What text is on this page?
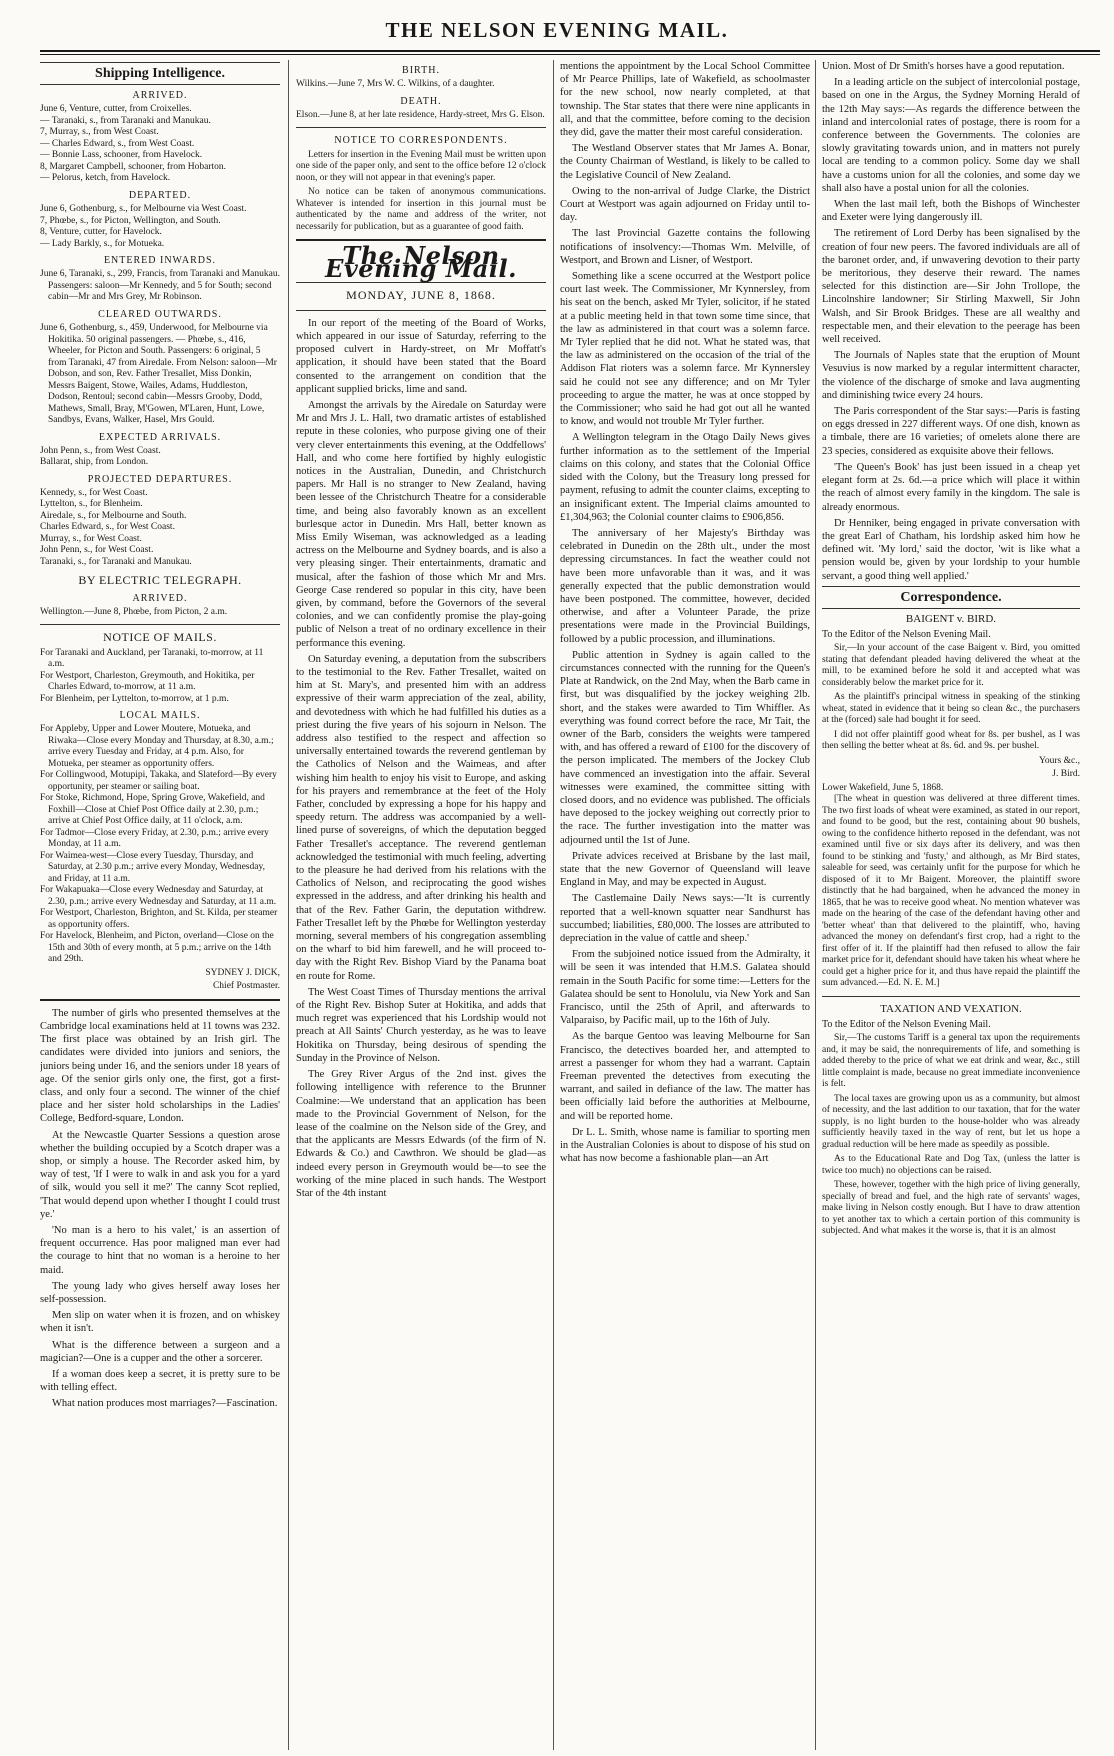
THE NELSON EVENING MAIL.
Shipping Intelligence.
ARRIVED.
June 6, Venture, cutter, from Croixelles.
— Taranaki, s., from Taranaki and Manukau.
7, Murray, s., from West Coast.
— Charles Edward, s., from West Coast.
— Bonnie Lass, schooner, from Havelock.
8, Margaret Campbell, schooner, from Hobarton.
— Pelorus, ketch, from Havelock.
DEPARTED.
June 6, Gothenburg, s., for Melbourne via West Coast.
7, Phœbe, s., for Picton, Wellington, and South.
8, Venture, cutter, for Havelock.
— Lady Barkly, s., for Motueka.
ENTERED INWARDS.
June 6, Taranaki, s., 299, Francis, from Taranaki and Manukau. Passengers: saloon—Mr Kennedy, and 5 for South; second cabin—Mr and Mrs Grey, Mr Robinson.
CLEARED OUTWARDS.
June 6, Gothenburg, s., 459, Underwood, for Melbourne via Hokitika. 50 original passengers. — Phœbe, s., 416, Wheeler, for Picton and South. Passengers: 6 original, 5 from Taranaki, 47 from Airedale. From Nelson: saloon—Mr Dobson, and son, Rev. Father Tresallet, Miss Donkin, Messrs Baigent, Stowe, Wailes, Adams, Huddleston, Dodson, Rentoul; second cabin—Messrs Grooby, Dodd, Mathews, Small, Bray, M'Gowen, M'Laren, Hunt, Lowe, Sandbys, Evans, Walker, Hasel, Mrs Gould.
EXPECTED ARRIVALS.
John Penn, s., from West Coast.
Ballarat, ship, from London.
PROJECTED DEPARTURES.
Kennedy, s., for West Coast.
Lyttelton, s., for Blenheim.
Airedale, s., for Melbourne and South.
Charles Edward, s., for West Coast.
Murray, s., for West Coast.
John Penn, s., for West Coast.
Taranaki, s., for Taranaki and Manukau.
BY ELECTRIC TELEGRAPH.
ARRIVED.
Wellington.—June 8, Phœbe, from Picton, 2 a.m.
NOTICE OF MAILS.
For Taranaki and Auckland, per Taranaki, to-morrow, at 11 a.m.
For Westport, Charleston, Greymouth, and Hokitika, per Charles Edward, to-morrow, at 11 a.m.
For Blenheim, per Lyttelton, to-morrow, at 1 p.m.
LOCAL MAILS.
For Appleby, Upper and Lower Moutere, Motueka, and Riwaka—Close every Monday and Thursday, at 8.30, a.m.; arrive every Tuesday and Friday, at 4 p.m. Also, for Motueka, per steamer as opportunity offers.
For Collingwood, Motupipi, Takaka, and Slateford—By every opportunity, per steamer or sailing boat.
For Stoke, Richmond, Hope, Spring Grove, Wakefield, and Foxhill—Close at Chief Post Office daily at 2.30, p.m.; arrive at Chief Post Office daily, at 11 o'clock, a.m.
For Tadmor—Close every Friday, at 2.30, p.m.; arrive every Monday, at 11 a.m.
For Waimea-west—Close every Tuesday, Thursday, and Saturday, at 2.30 p.m.; arrive every Monday, Wednesday, and Friday, at 11 a.m.
For Wakapuaka—Close every Wednesday and Saturday, at 2.30, p.m.; arrive every Wednesday and Saturday, at 11 a.m.
For Westport, Charleston, Brighton, and St. Kilda, per steamer as opportunity offers.
For Havelock, Blenheim, and Picton, overland—Close on the 15th and 30th of every month, at 5 p.m.; arrive on the 14th and 29th.
SYDNEY J. DICK,
Chief Postmaster.

The number of girls who presented themselves at the Cambridge local examinations held at 11 towns was 232. The first place was obtained by an Irish girl. The candidates were divided into juniors and seniors, the juniors being under 16, and the seniors under 18 years of age. Of the senior girls only one, the first, got a first-class, and only four a second. The winner of the chief place and her sister hold scholarships in the Ladies' College, Bedford-square, London.

At the Newcastle Quarter Sessions a question arose whether the building occupied by a Scotch draper was a shop, or simply a house. The Recorder asked him, by way of test, 'If I were to walk in and ask you for a yard of silk, would you sell it me?' The canny Scot replied, 'That would depend upon whether I thought I could trust ye.'

'No man is a hero to his valet,' is an assertion of frequent occurrence. Has poor maligned man ever had the courage to hint that no woman is a heroine to her maid.

The young lady who gives herself away loses her self-possession.

Men slip on water when it is frozen, and on whiskey when it isn't.

What is the difference between a surgeon and a magician?—One is a cupper and the other a sorcerer.

If a woman does keep a secret, it is pretty sure to be with telling effect.

What nation produces most marriages?—Fascination.

BIRTH.
Wilkins.—June 7, Mrs W. C. Wilkins, of a daughter.
DEATH.
Elson.—June 8, at her late residence, Hardy-street, Mrs G. Elson.
NOTICE TO CORRESPONDENTS.

Letters for insertion in the Evening Mail must be written upon one side of the paper only, and sent to the office before 12 o'clock noon, or they will not appear in that evening's paper.

No notice can be taken of anonymous communications. Whatever is intended for insertion in this journal must be authenticated by the name and address of the writer, not necessarily for publication, but as a guarantee of good faith.

The Nelson Evening Mail.
MONDAY, JUNE 8, 1868.

In our report of the meeting of the Board of Works, which appeared in our issue of Saturday, referring to the proposed culvert in Hardy-street, on Mr Moffatt's application, it should have been stated that the Board consented to the arrangement on condition that the applicant supplied bricks, lime and sand.

Amongst the arrivals by the Airedale on Saturday were Mr and Mrs J. L. Hall, two dramatic artistes of established repute in these colonies, who purpose giving one of their very clever entertainments this evening, at the Oddfellows' Hall, and who come here fortified by highly eulogistic notices in the Australian, Dunedin, and Christchurch papers. Mr Hall is no stranger to New Zealand, having been lessee of the Christchurch Theatre for a considerable time, and being also favorably known as an excellent burlesque actor in Dunedin. Mrs Hall, better known as Miss Emily Wiseman, was acknowledged as a leading actress on the Melbourne and Sydney boards, and is also a very pleasing singer. Their entertainments, dramatic and musical, after the fashion of those which Mr and Mrs. George Case rendered so popular in this city, have been given, by command, before the Governors of the several colonies, and we can confidently promise the play-going public of Nelson a treat of no ordinary excellence in their performance this evening.

On Saturday evening, a deputation from the subscribers to the testimonial to the Rev. Father Tresallet, waited on him at St. Mary's, and presented him with an address expressive of their warm appreciation of the zeal, ability, and devotedness with which he had fulfilled his duties as a priest during the five years of his sojourn in Nelson. The address also testified to the respect and affection so universally entertained towards the reverend gentleman by the Catholics of Nelson and the Waimeas, and after wishing him health to enjoy his visit to Europe, and asking for his prayers and remembrance at the feet of the Holy Father, concluded by expressing a hope for his happy and speedy return. The address was accompanied by a well-lined purse of sovereigns, of which the deputation begged Father Tresallet's acceptance. The reverend gentleman acknowledged the testimonial with much feeling, adverting to the pleasure he had derived from his relations with the Catholics of Nelson, and reciprocating the good wishes expressed in the address, and after drinking his health and that of the Rev. Father Garin, the deputation withdrew. Father Tresallet left by the Phœbe for Wellington yesterday morning, several members of his congregation assembling on the wharf to bid him farewell, and he will proceed to-day with the Right Rev. Bishop Viard by the Panama boat en route for Rome.

The West Coast Times of Thursday mentions the arrival of the Right Rev. Bishop Suter at Hokitika, and adds that much regret was experienced that his Lordship would not preach at All Saints' Church yesterday, as he was to leave Hokitika on Thursday, being desirous of spending the Sunday in the Province of Nelson.

The Grey River Argus of the 2nd inst. gives the following intelligence with reference to the Brunner Coalmine:—We understand that an application has been made to the Provincial Government of Nelson, for the lease of the coalmine on the Nelson side of the Grey, and that the applicants are Messrs Edwards (of the firm of N. Edwards & Co.) and Cawthron. We should be glad—as indeed every person in Greymouth would be—to see the working of the mine placed in such hands. The Westport Star of the 4th instant

mentions the appointment by the Local School Committee of Mr Pearce Phillips, late of Wakefield, as schoolmaster for the new school, now nearly completed, at that township. The Star states that there were nine applicants in all, and that the committee, before coming to the decision they did, gave the matter their most careful consideration.

The Westland Observer states that Mr James A. Bonar, the County Chairman of Westland, is likely to be called to the Legislative Council of New Zealand.

Owing to the non-arrival of Judge Clarke, the District Court at Westport was again adjourned on Friday until to-day.

The last Provincial Gazette contains the following notifications of insolvency:—Thomas Wm. Melville, of Westport, and Brown and Lisner, of Westport.

Something like a scene occurred at the Westport police court last week. The Commissioner, Mr Kynnersley, from his seat on the bench, asked Mr Tyler, solicitor, if he stated at a public meeting held in that town some time since, that the law as administered in that court was a solemn farce. Mr Tyler replied that he did not. What he stated was, that the law as administered on the occasion of the trial of the Addison Flat rioters was a solemn farce. Mr Kynnersley said he could not see any difference; and on Mr Tyler proceeding to argue the matter, he was at once stopped by the Commissioner; who said he had got out all he wanted to know, and would not trouble Mr Tyler further.

A Wellington telegram in the Otago Daily News gives further information as to the settlement of the Imperial claims on this colony, and states that the Colonial Office sided with the Colony, but the Treasury long pressed for payment, refusing to admit the counter claims, excepting to an insignificant extent. The Imperial claims amounted to £1,304,963; the Colonial counter claims to £906,856.

The anniversary of her Majesty's Birthday was celebrated in Dunedin on the 28th ult., under the most depressing circumstances. In fact the weather could not have been more unfavorable than it was, and it was generally expected that the public demonstration would have been postponed. The committee, however, decided otherwise, and after a Volunteer Parade, the prize presentations were made in the Provincial Buildings, followed by a public procession, and illuminations.

Public attention in Sydney is again called to the circumstances connected with the running for the Queen's Plate at Randwick, on the 2nd May, when the Barb came in first, but was disqualified by the jockey weighing 2lb. short, and the stakes were awarded to Tim Whiffler. As everything was found correct before the race, Mr Tait, the owner of the Barb, considers the weights were tampered with, and has offered a reward of £100 for the discovery of the person implicated. The members of the Jockey Club have commenced an investigation into the affair. Several witnesses were examined, the committee sitting with closed doors, and no evidence was published. The officials have deposed to the jockey weighing out correctly prior to the race. The further investigation into the matter was adjourned until the 1st of June.

Private advices received at Brisbane by the last mail, state that the new Governor of Queensland will leave England in May, and may be expected in August.

The Castlemaine Daily News says:—'It is currently reported that a well-known squatter near Sandhurst has succumbed; liabilities, £80,000. The losses are attributed to depreciation in the value of cattle and sheep.'

From the subjoined notice issued from the Admiralty, it will be seen it was intended that H.M.S. Galatea should remain in the South Pacific for some time:—Letters for the Galatea should be sent to Honolulu, via New York and San Francisco, until the 25th of April, and afterwards to Valparaiso, by Pacific mail, up to the 16th of July.

As the barque Gentoo was leaving Melbourne for San Francisco, the detectives boarded her, and attempted to arrest a passenger for whom they had a warrant. Captain Freeman prevented the detectives from executing the warrant, and sailed in defiance of the law. The matter has been officially laid before the authorities at Melbourne, and will be reported home.

Dr L. L. Smith, whose name is familiar to sporting men in the Australian Colonies is about to dispose of his stud on what has now become a fashionable plan—an Art

Union. Most of Dr Smith's horses have a good reputation.

In a leading article on the subject of intercolonial postage, based on one in the Argus, the Sydney Morning Herald of the 12th May says:—As regards the difference between the inland and intercolonial rates of postage, there is room for a conference between the Governments. The colonies are slowly gravitating towards union, and in matters not purely local are tending to a common policy. Some day we shall have a customs union for all the colonies, and some day we shall also have a postal union for all the colonies.

When the last mail left, both the Bishops of Winchester and Exeter were lying dangerously ill.

The retirement of Lord Derby has been signalised by the creation of four new peers. The favored individuals are all of the baronet order, and, if unwavering devotion to their party be meritorious, they deserve their reward. The names selected for this distinction are—Sir John Trollope, the Lincolnshire landowner; Sir Stirling Maxwell, Sir John Walsh, and Sir Brook Bridges. These are all wealthy and respectable men, and their elevation to the peerage has been well received.

The Journals of Naples state that the eruption of Mount Vesuvius is now marked by a regular intermittent character, the violence of the discharge of smoke and lava augmenting and diminishing twice every 24 hours.

The Paris correspondent of the Star says:—Paris is fasting on eggs dressed in 227 different ways. Of one dish, known as a timbale, there are 16 varieties; of omelets alone there are 23 species, considered as exquisite above their fellows.

'The Queen's Book' has just been issued in a cheap yet elegant form at 2s. 6d.—a price which will place it within the reach of almost every family in the kingdom. The sale is already enormous.

Dr Henniker, being engaged in private conversation with the great Earl of Chatham, his lordship asked him how he defined wit. 'My lord,' said the doctor, 'wit is like what a pension would be, given by your lordship to your humble servant, a good thing well applied.'

Correspondence.
BAIGENT v. BIRD.
To the Editor of the Nelson Evening Mail.

Sir,—In your account of the case Baigent v. Bird, you omitted stating that defendant pleaded having delivered the wheat at the mill, to be examined before he sold it and accepted what was considerably below the market price for it.

As the plaintiff's principal witness in speaking of the stinking wheat, stated in evidence that it being so clean &c., the purchasers at the (forced) sale had bought it for seed.

I did not offer plaintiff good wheat for 8s. per bushel, as I was then selling the better wheat at 8s. 6d. and 9s. per bushel.

Yours &c.,
J. Bird.
Lower Wakefield, June 5, 1868.

[The wheat in question was delivered at three different times. The two first loads of wheat were examined, as stated in our report, and found to be good, but the rest, containing about 90 bushels, owing to the confidence hitherto reposed in the defendant, was not examined until five or six days after its delivery, and was then found to be stinking and 'fusty,' and although, as Mr Bird states, saleable for seed, was certainly unfit for the purpose for which he disposed of it to Mr Baigent. Moreover, the plaintiff swore distinctly that he had bargained, when he advanced the money in 1865, that he was to receive good wheat. No mention whatever was made on the hearing of the case of the defendant having other and 'better wheat' than that delivered to the plaintiff, who, having advanced the money on defendant's first crop, had a right to the first offer of it. If the plaintiff had then refused to allow the fair market price for it, defendant should have taken his wheat where he could get a higher price for it, and thus have repaid the plaintiff the sum advanced.—Ed. N. E. M.]

TAXATION AND VEXATION.
To the Editor of the Nelson Evening Mail.

Sir,—The customs Tariff is a general tax upon the requirements and, it may be said, the nonrequirements of life, and something is added thereby to the price of what we eat drink and wear, &c., still little complaint is made, because no great immediate inconvenience is felt.

The local taxes are growing upon us as a community, but almost of necessity, and the last addition to our taxation, that for the water supply, is no light burden to the house-holder who was already sufficiently heavily taxed in the way of rent, but let us hope a gradual reduction will be here made as speedily as possible.

As to the Educational Rate and Dog Tax, (unless the latter is twice too much) no objections can be raised.

These, however, together with the high price of living generally, specially of bread and fuel, and the high rate of servants' wages, make living in Nelson costly enough. But I have to draw attention to yet another tax to which a certain portion of this community is subjected. And what makes it the worse is, that it is an almost
